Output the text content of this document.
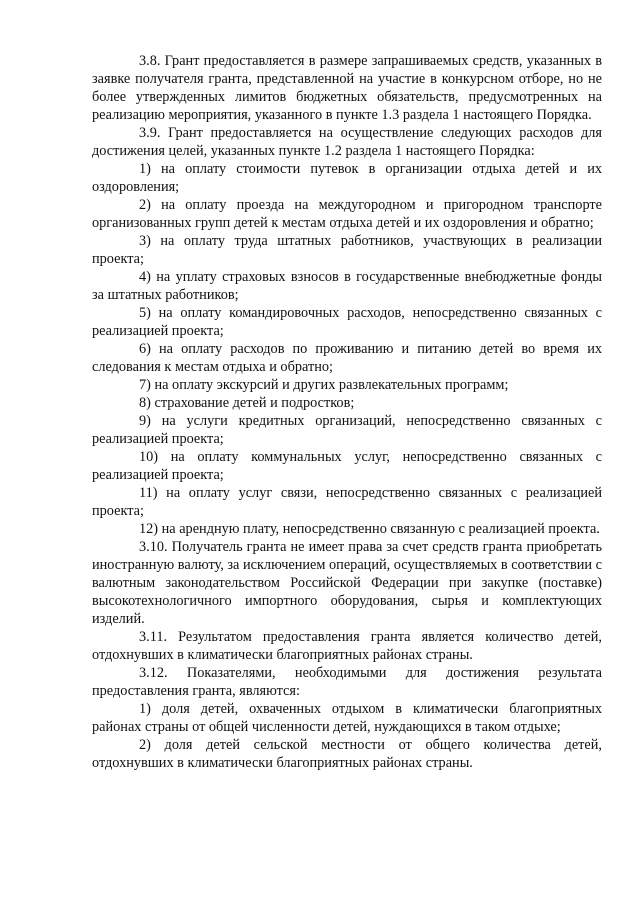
3.8. Грант предоставляется в размере запрашиваемых средств, указанных в заявке получателя гранта, представленной на участие в конкурсном отборе, но не более утвержденных лимитов бюджетных обязательств, предусмотренных на реализацию мероприятия, указанного в пункте 1.3 раздела 1 настоящего Порядка.

3.9. Грант предоставляется на осуществление следующих расходов для достижения целей, указанных пункте 1.2 раздела 1 настоящего Порядка:

1) на оплату стоимости путевок в организации отдыха детей и их оздоровления;

2) на оплату проезда на междугородном и пригородном транспорте организованных групп детей к местам отдыха детей и их оздоровления и обратно;

3) на оплату труда штатных работников, участвующих в реализации проекта;

4) на уплату страховых взносов в государственные внебюджетные фонды за штатных работников;

5) на оплату командировочных расходов, непосредственно связанных с реализацией проекта;

6) на оплату расходов по проживанию и питанию детей во время их следования к местам отдыха и обратно;

7) на оплату экскурсий и других развлекательных программ;

8) страхование детей и подростков;

9) на услуги кредитных организаций, непосредственно связанных с реализацией проекта;

10) на оплату коммунальных услуг, непосредственно связанных с реализацией проекта;

11) на оплату услуг связи, непосредственно связанных с реализацией проекта;

12) на арендную плату, непосредственно связанную с реализацией проекта.

3.10. Получатель гранта не имеет права за счет средств гранта приобретать иностранную валюту, за исключением операций, осуществляемых в соответствии с валютным законодательством Российской Федерации при закупке (поставке) высокотехнологичного импортного оборудования, сырья и комплектующих изделий.

3.11. Результатом предоставления гранта является количество детей, отдохнувших в климатически благоприятных районах страны.

3.12. Показателями, необходимыми для достижения результата предоставления гранта, являются:

1) доля детей, охваченных отдыхом в климатически благоприятных районах страны от общей численности детей, нуждающихся в таком отдыхе;

2) доля детей сельской местности от общего количества детей, отдохнувших в климатически благоприятных районах страны.
